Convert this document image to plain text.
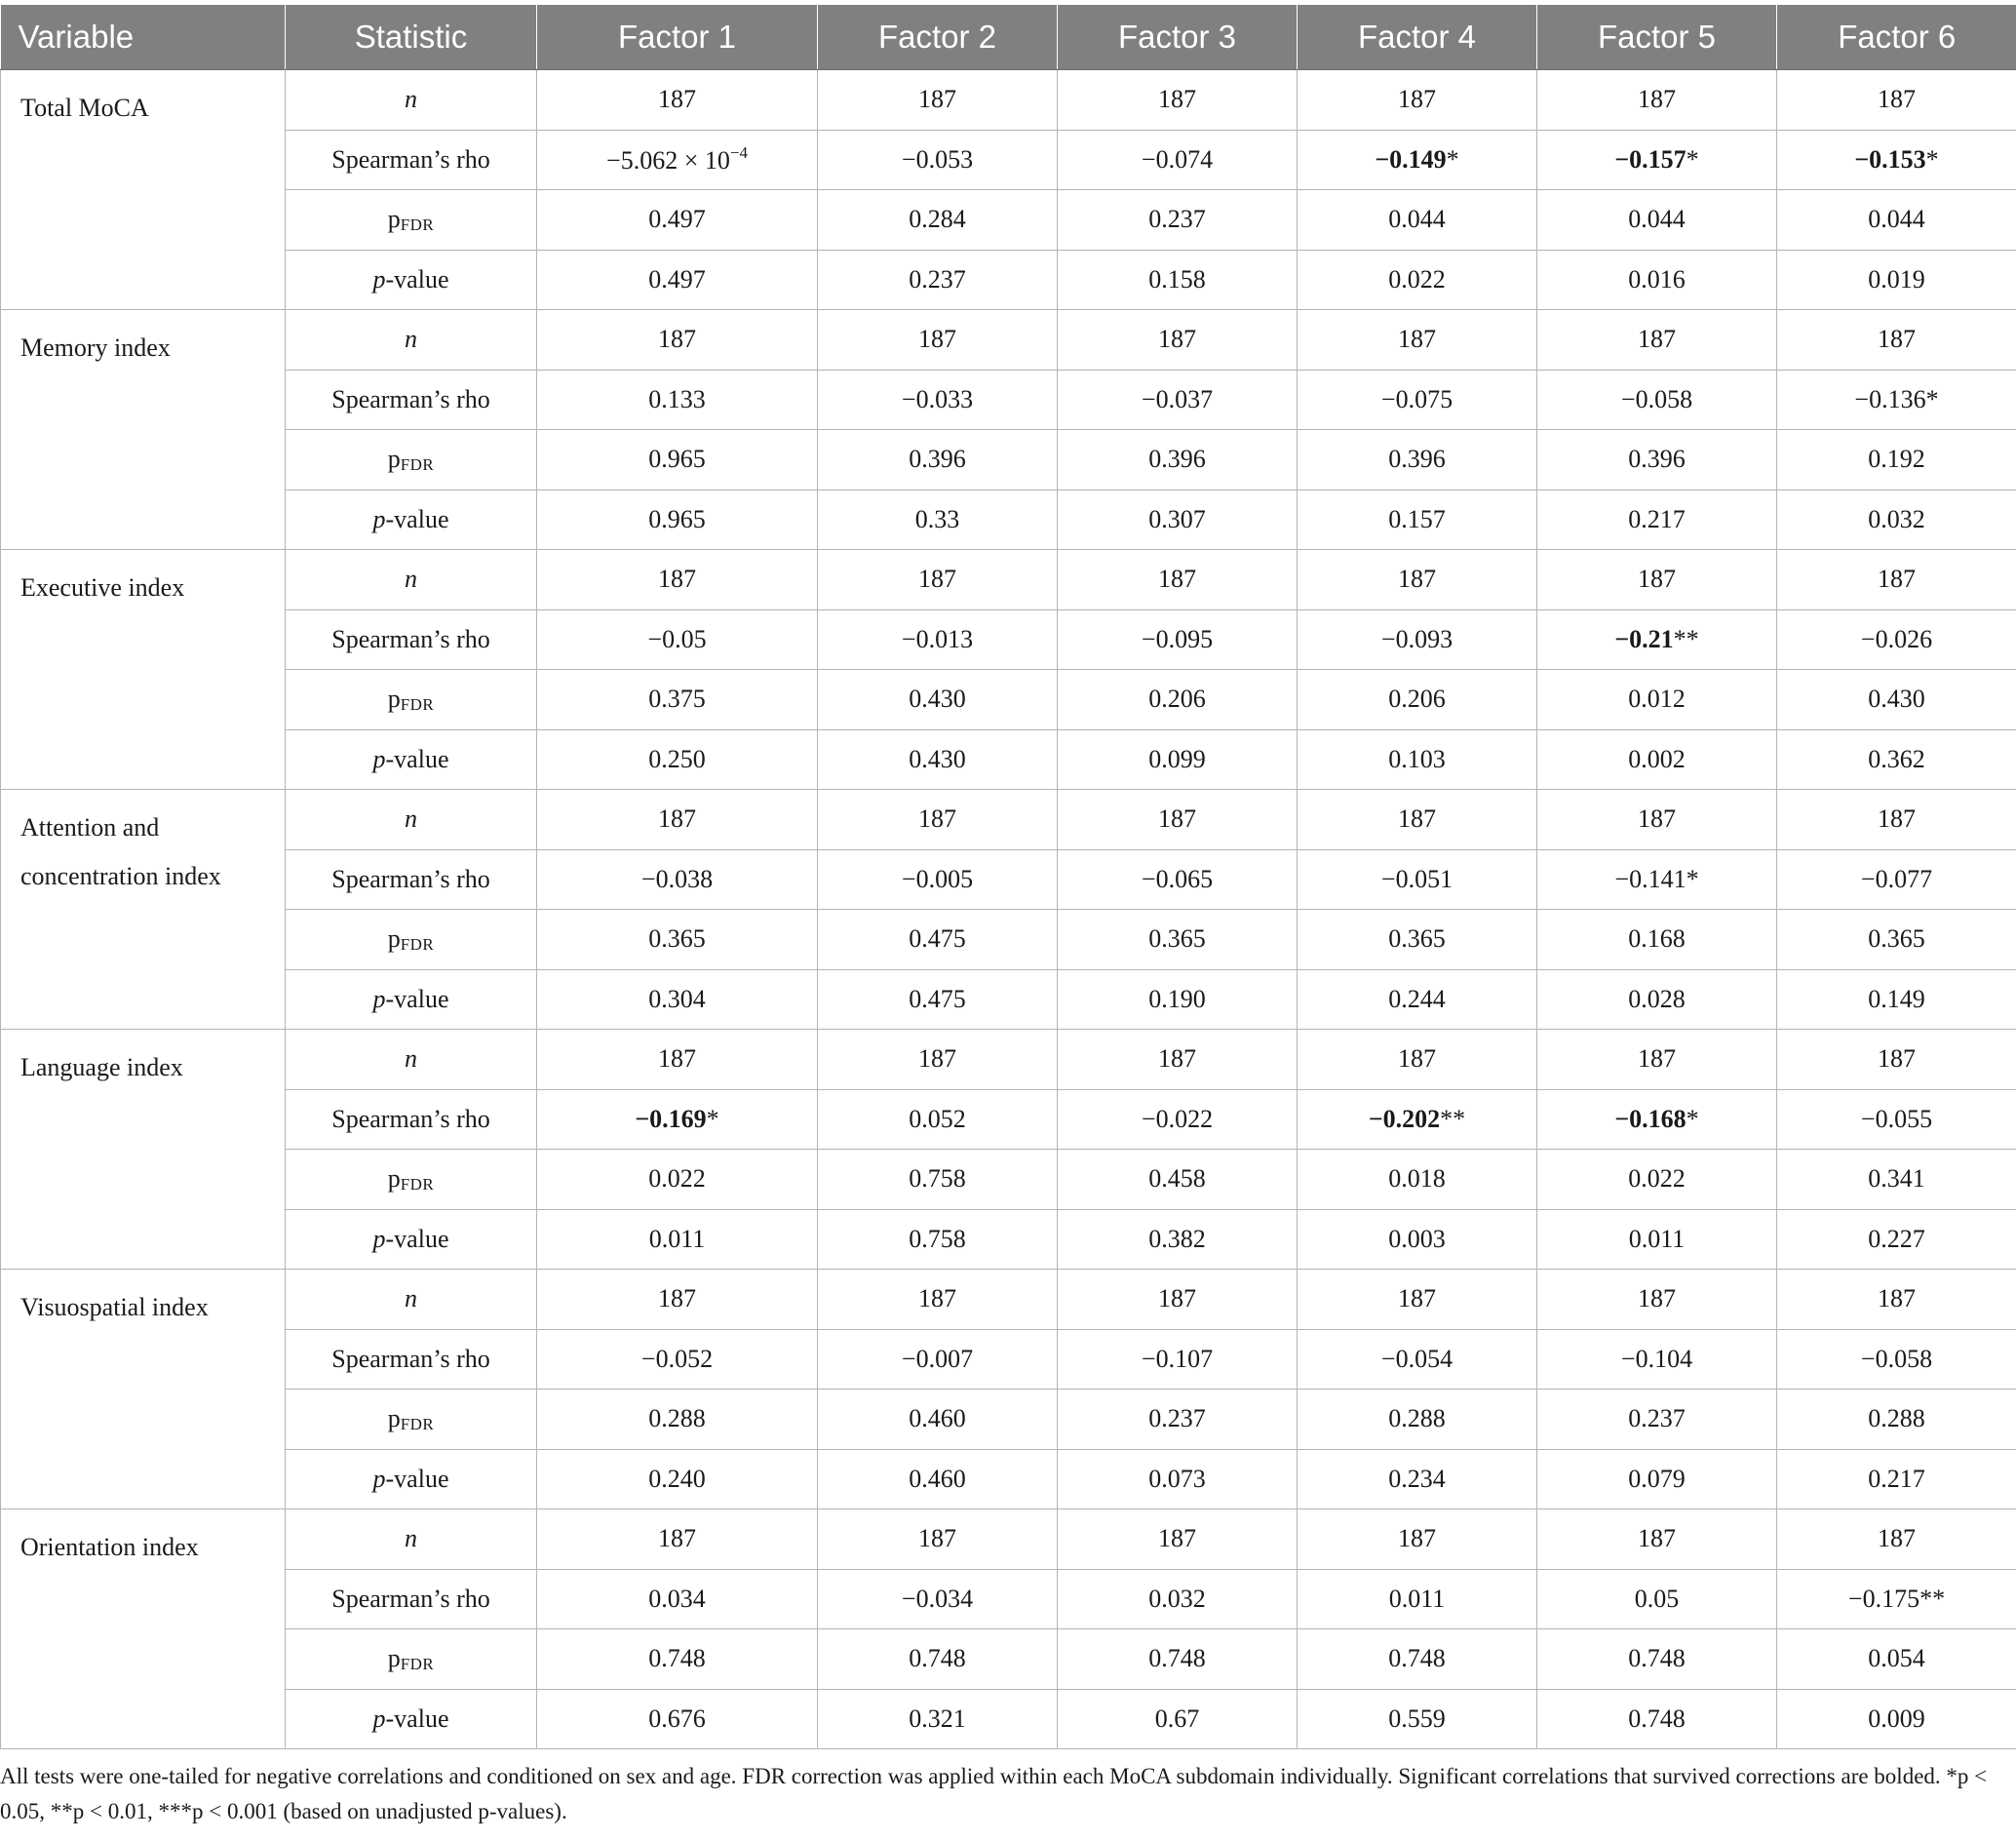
Variable	Statistic	Factor 1	Factor 2	Factor 3	Factor 4	Factor 5	Factor 6
Total MoCA	n	187	187	187	187	187	187
	Spearman’s rho	$-5.062 \times 10^{-4}$	−0.053	−0.074	−0.149*	−0.157*	−0.153*
	pFDR	0.497	0.284	0.237	0.044	0.044	0.044
	p-value	0.497	0.237	0.158	0.022	0.016	0.019
Memory index	n	187	187	187	187	187	187
	Spearman’s rho	0.133	−0.033	−0.037	−0.075	−0.058	−0.136*
	pFDR	0.965	0.396	0.396	0.396	0.396	0.192
	p-value	0.965	0.33	0.307	0.157	0.217	0.032
Executive index	n	187	187	187	187	187	187
	Spearman’s rho	−0.05	−0.013	−0.095	−0.093	−0.21**	−0.026
	pFDR	0.375	0.430	0.206	0.206	0.012	0.430
	p-value	0.250	0.430	0.099	0.103	0.002	0.362
Attention and concentration index	n	187	187	187	187	187	187
	Spearman’s rho	−0.038	−0.005	−0.065	−0.051	−0.141*	−0.077
	pFDR	0.365	0.475	0.365	0.365	0.168	0.365
	p-value	0.304	0.475	0.190	0.244	0.028	0.149
Language index	n	187	187	187	187	187	187
	Spearman’s rho	−0.169*	0.052	−0.022	−0.202**	−0.168*	−0.055
	pFDR	0.022	0.758	0.458	0.018	0.022	0.341
	p-value	0.011	0.758	0.382	0.003	0.011	0.227
Visuospatial index	n	187	187	187	187	187	187
	Spearman’s rho	−0.052	−0.007	−0.107	−0.054	−0.104	−0.058
	pFDR	0.288	0.460	0.237	0.288	0.237	0.288
	p-value	0.240	0.460	0.073	0.234	0.079	0.217
Orientation index	n	187	187	187	187	187	187
	Spearman’s rho	0.034	−0.034	0.032	0.011	0.05	−0.175**
	pFDR	0.748	0.748	0.748	0.748	0.748	0.054
	p-value	0.676	0.321	0.67	0.559	0.748	0.009
All tests were one-tailed for negative correlations and conditioned on sex and age. FDR correction was applied within each MoCA subdomain individually. Significant correlations that survived corrections are bolded. *p < 0.05, **p < 0.01, ***p < 0.001 (based on unadjusted p-values).
